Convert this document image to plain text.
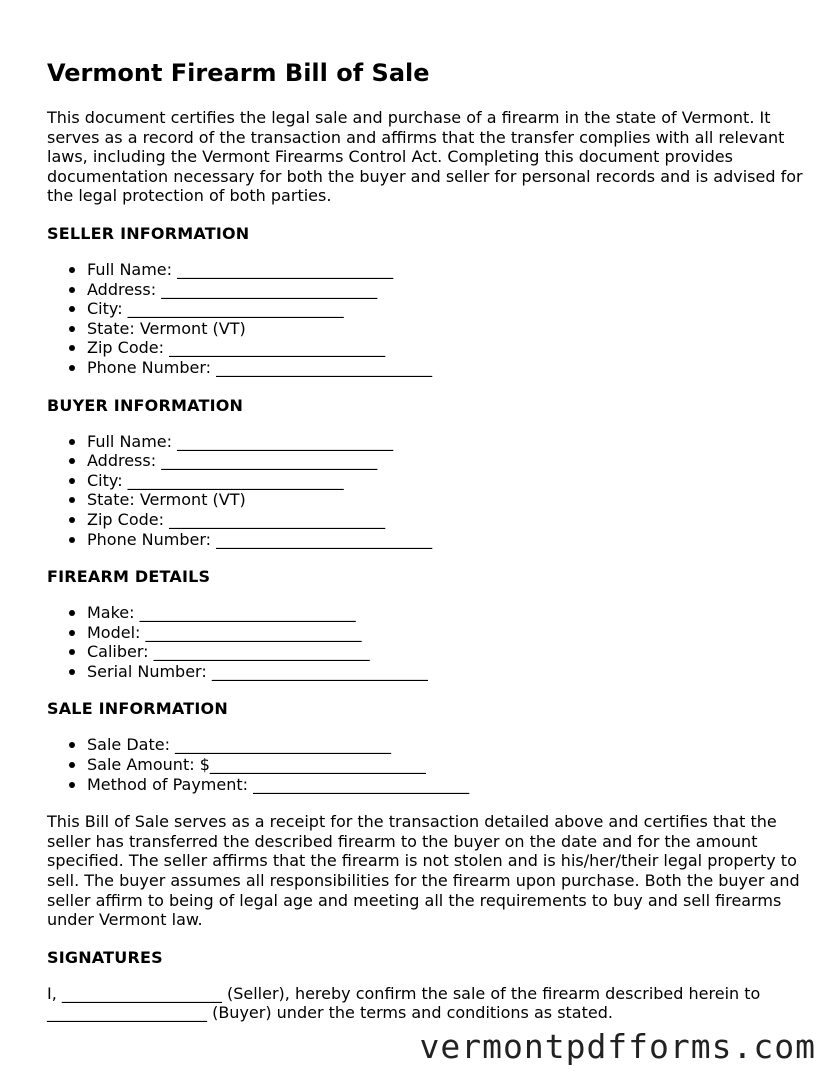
Vermont Firearm Bill of Sale

This document certifies the legal sale and purchase of a firearm in the state of Vermont. It serves as a record of the transaction and affirms that the transfer complies with all relevant laws, including the Vermont Firearms Control Act. Completing this document provides documentation necessary for both the buyer and seller for personal records and is advised for the legal protection of both parties.

SELLER INFORMATION
Full Name: ___________________________
Address: ___________________________
City: ___________________________
State: Vermont (VT)
Zip Code: ___________________________
Phone Number: ___________________________
BUYER INFORMATION
Full Name: ___________________________
Address: ___________________________
City: ___________________________
State: Vermont (VT)
Zip Code: ___________________________
Phone Number: ___________________________
FIREARM DETAILS
Make: ___________________________
Model: ___________________________
Caliber: ___________________________
Serial Number: ___________________________
SALE INFORMATION
Sale Date: ___________________________
Sale Amount: $___________________________
Method of Payment: ___________________________

This Bill of Sale serves as a receipt for the transaction detailed above and certifies that the seller has transferred the described firearm to the buyer on the date and for the amount specified. The seller affirms that the firearm is not stolen and is his/her/their legal property to sell. The buyer assumes all responsibilities for the firearm upon purchase. Both the buyer and seller affirm to being of legal age and meeting all the requirements to buy and sell firearms under Vermont law.

SIGNATURES

I, ____________________ (Seller), hereby confirm the sale of the firearm described herein to ____________________ (Buyer) under the terms and conditions as stated.

vermontpdfforms.com
